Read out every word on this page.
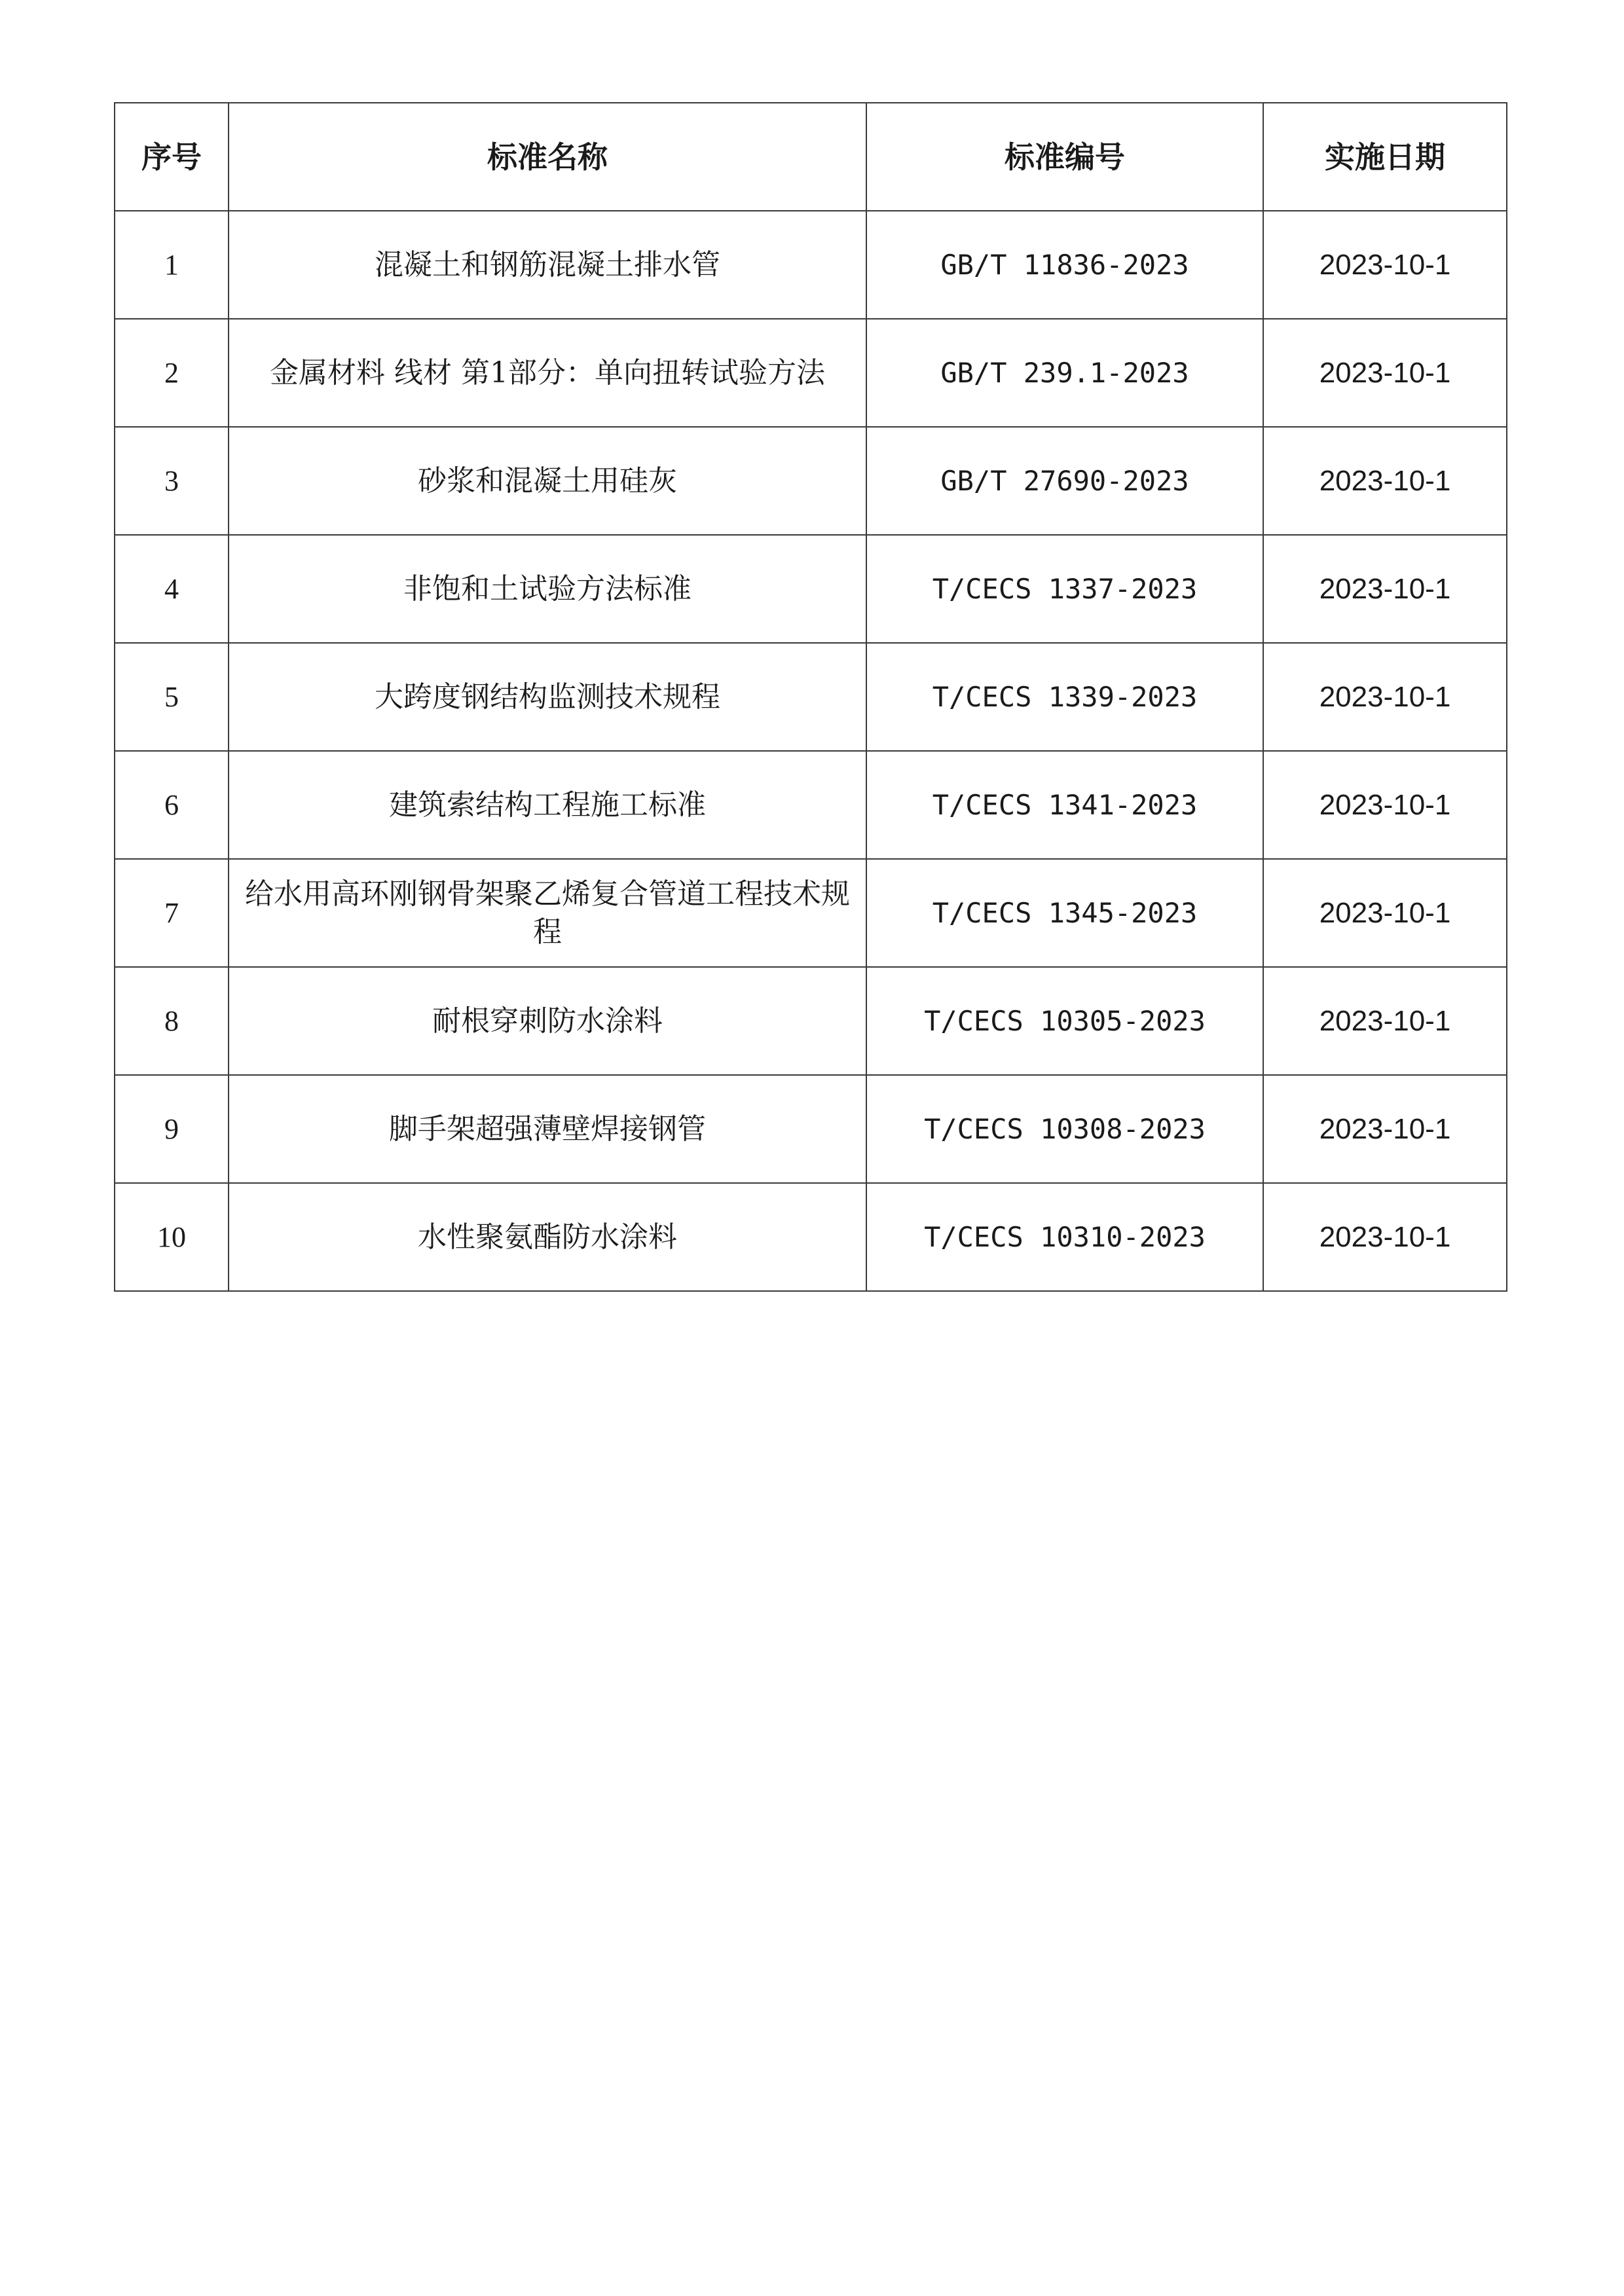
序号	标准名称	标准编号	实施日期
1	混凝土和钢筋混凝土排水管	GB/T 11836-2023	2023-10-1
2	金属材料 线材 第1部分：单向扭转试验方法	GB/T 239.1-2023	2023-10-1
3	砂浆和混凝土用硅灰	GB/T 27690-2023	2023-10-1
4	非饱和土试验方法标准	T/CECS 1337-2023	2023-10-1
5	大跨度钢结构监测技术规程	T/CECS 1339-2023	2023-10-1
6	建筑索结构工程施工标准	T/CECS 1341-2023	2023-10-1
7	给水用高环刚钢骨架聚乙烯复合管道工程技术规程	T/CECS 1345-2023	2023-10-1
8	耐根穿刺防水涂料	T/CECS 10305-2023	2023-10-1
9	脚手架超强薄壁焊接钢管	T/CECS 10308-2023	2023-10-1
10	水性聚氨酯防水涂料	T/CECS 10310-2023	2023-10-1
